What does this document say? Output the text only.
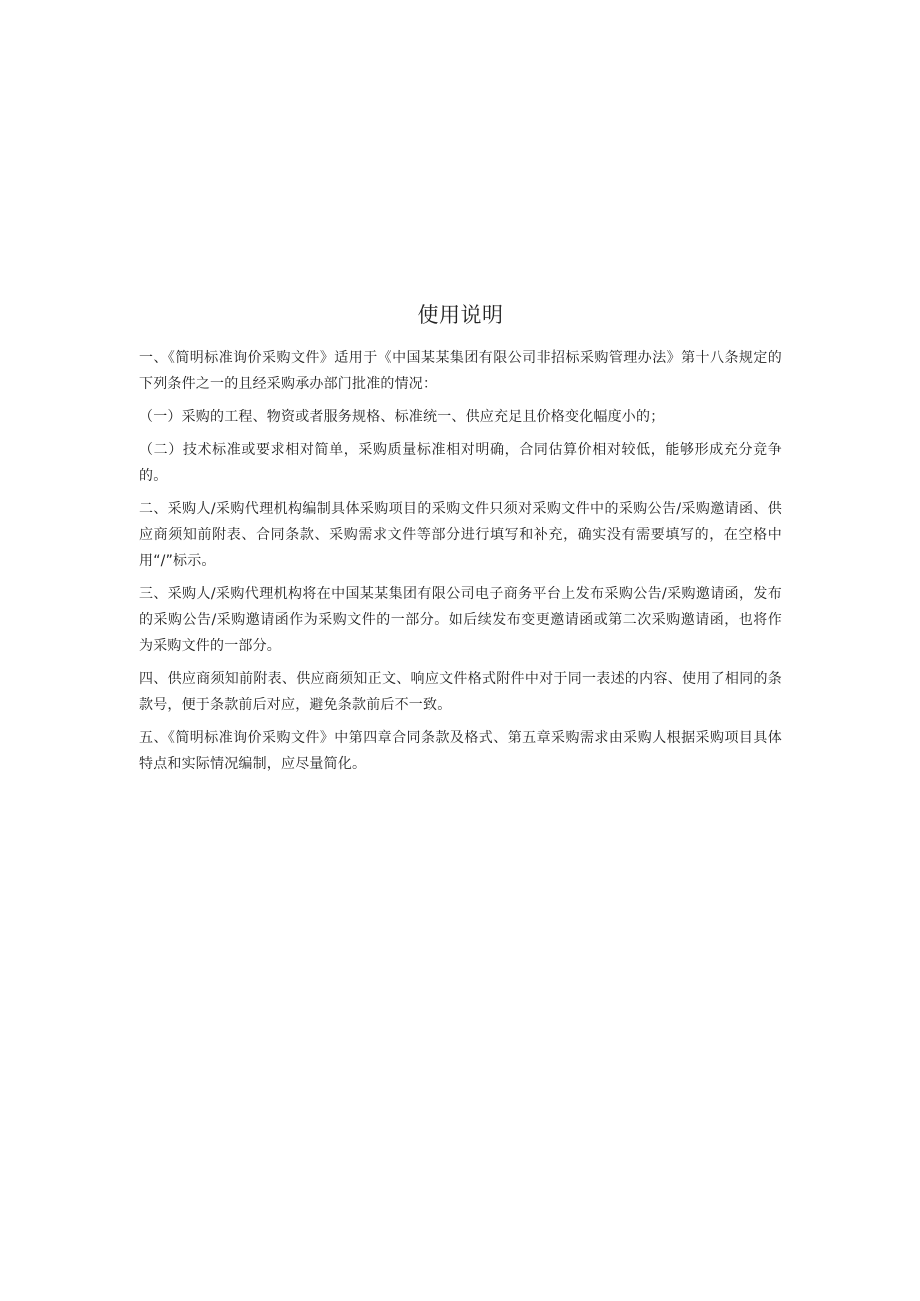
使用说明

一、《简明标准询价采购文件》适用于《中国某某集团有限公司非招标采购管理办法》第十八条规定的下列条件之一的且经采购承办部门批准的情况：

（一）采购的工程、物资或者服务规格、标准统一、供应充足且价格变化幅度小的；

（二）技术标准或要求相对简单，采购质量标准相对明确，合同估算价相对较低，能够形成充分竞争的。

二、采购人/采购代理机构编制具体采购项目的采购文件只须对采购文件中的采购公告/采购邀请函、供应商须知前附表、合同条款、采购需求文件等部分进行填写和补充，确实没有需要填写的，在空格中用“/”标示。

三、采购人/采购代理机构将在中国某某集团有限公司电子商务平台上发布采购公告/采购邀请函，发布的采购公告/采购邀请函作为采购文件的一部分。如后续发布变更邀请函或第二次采购邀请函，也将作为采购文件的一部分。

四、供应商须知前附表、供应商须知正文、响应文件格式附件中对于同一表述的内容、使用了相同的条款号，便于条款前后对应，避免条款前后不一致。

五、《简明标准询价采购文件》中第四章合同条款及格式、第五章采购需求由采购人根据采购项目具体特点和实际情况编制，应尽量简化。
